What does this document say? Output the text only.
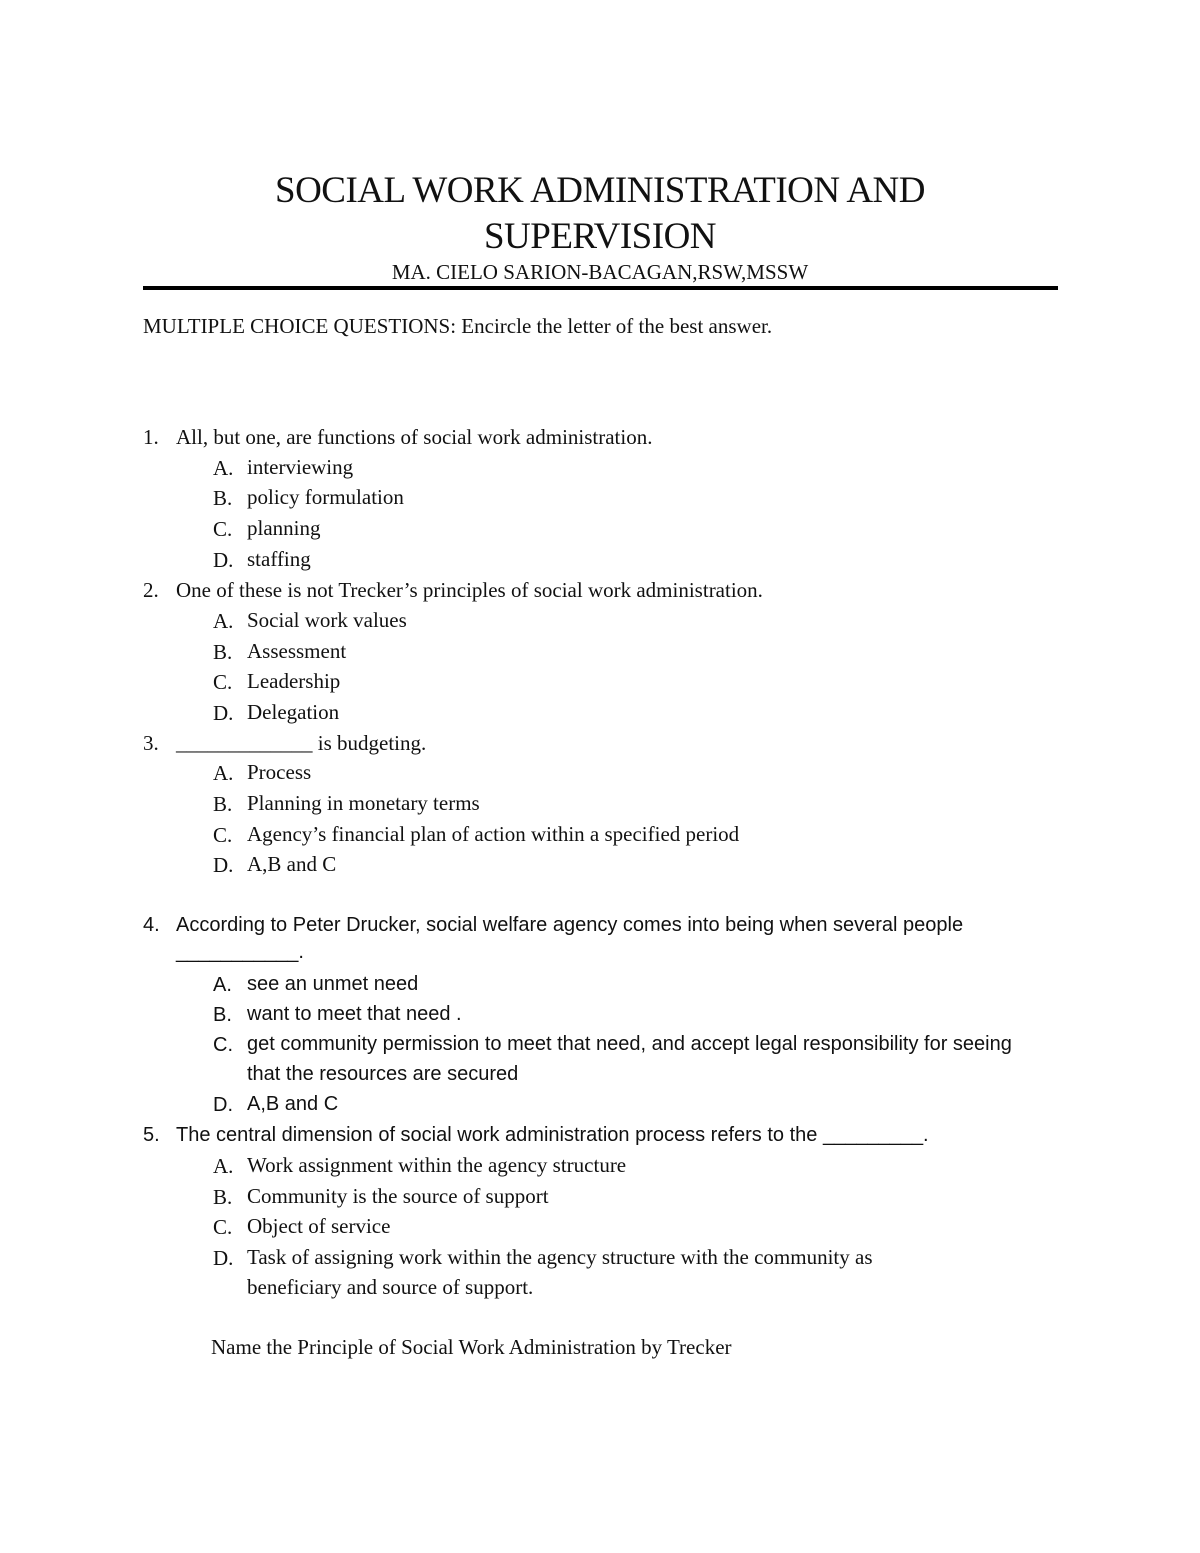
SOCIAL WORK ADMINISTRATION AND
SUPERVISION
MA. CIELO SARION-BACAGAN,RSW,MSSW
MULTIPLE CHOICE QUESTIONS: Encircle the letter of the best answer.
1. All, but one, are functions of social work administration.
A. interviewing
B. policy formulation
C. planning
D. staffing
2. One of these is not Trecker’s principles of social work administration.
A. Social work values
B. Assessment
C. Leadership
D. Delegation
3. _____________ is budgeting.
A. Process
B. Planning in monetary terms
C. Agency’s financial plan of action within a specified period
D. A,B and C
4. According to Peter Drucker, social welfare agency comes into being when several people
___________.
A. see an unmet need
B. want to meet that need .
C. get community permission to meet that need, and accept legal responsibility for seeing that the resources are secured
D. A,B and C
5. The central dimension of social work administration process refers to the _________.
A. Work assignment within the agency structure
B. Community is the source of support
C. Object of service
D. Task of assigning work within the agency structure with the community as beneficiary and source of support.
Name the Principle of Social Work Administration by Trecker
